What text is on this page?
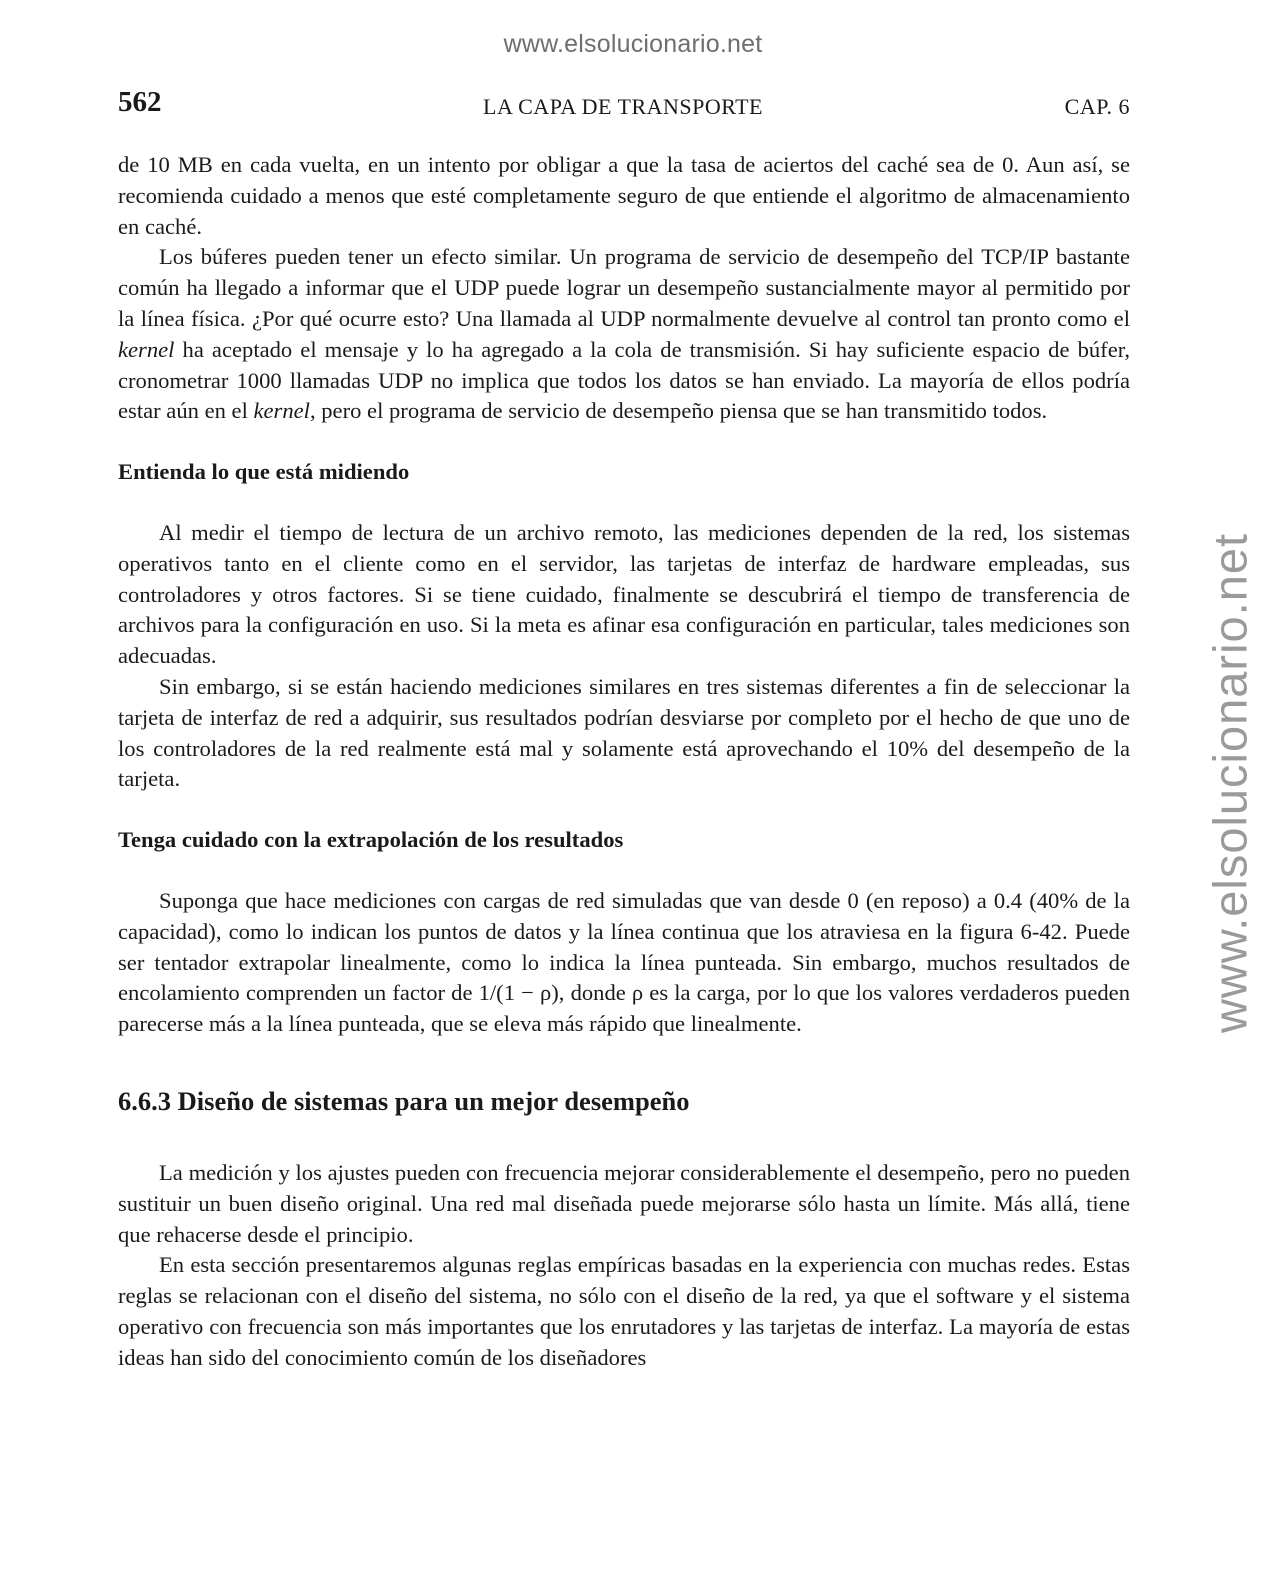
www.elsolucionario.net
www.elsolucionario.net
562	LA CAPA DE TRANSPORTE	CAP. 6

de 10 MB en cada vuelta, en un intento por obligar a que la tasa de aciertos del caché sea de 0. Aun así, se recomienda cuidado a menos que esté completamente seguro de que entiende el algoritmo de almacenamiento en caché.

Los búferes pueden tener un efecto similar. Un programa de servicio de desempeño del TCP/IP bastante común ha llegado a informar que el UDP puede lograr un desempeño sustancialmente mayor al permitido por la línea física. ¿Por qué ocurre esto? Una llamada al UDP normalmente devuelve al control tan pronto como el kernel ha aceptado el mensaje y lo ha agregado a la cola de transmisión. Si hay suficiente espacio de búfer, cronometrar 1000 llamadas UDP no implica que todos los datos se han enviado. La mayoría de ellos podría estar aún en el kernel, pero el programa de servicio de desempeño piensa que se han transmitido todos.

Entienda lo que está midiendo

Al medir el tiempo de lectura de un archivo remoto, las mediciones dependen de la red, los sistemas operativos tanto en el cliente como en el servidor, las tarjetas de interfaz de hardware empleadas, sus controladores y otros factores. Si se tiene cuidado, finalmente se descubrirá el tiempo de transferencia de archivos para la configuración en uso. Si la meta es afinar esa configuración en particular, tales mediciones son adecuadas.

Sin embargo, si se están haciendo mediciones similares en tres sistemas diferentes a fin de seleccionar la tarjeta de interfaz de red a adquirir, sus resultados podrían desviarse por completo por el hecho de que uno de los controladores de la red realmente está mal y solamente está aprovechando el 10% del desempeño de la tarjeta.

Tenga cuidado con la extrapolación de los resultados

Suponga que hace mediciones con cargas de red simuladas que van desde 0 (en reposo) a 0.4 (40% de la capacidad), como lo indican los puntos de datos y la línea continua que los atraviesa en la figura 6-42. Puede ser tentador extrapolar linealmente, como lo indica la línea punteada. Sin embargo, muchos resultados de encolamiento comprenden un factor de 1/(1 − ρ), donde ρ es la carga, por lo que los valores verdaderos pueden parecerse más a la línea punteada, que se eleva más rápido que linealmente.

6.6.3 Diseño de sistemas para un mejor desempeño

La medición y los ajustes pueden con frecuencia mejorar considerablemente el desempeño, pero no pueden sustituir un buen diseño original. Una red mal diseñada puede mejorarse sólo hasta un límite. Más allá, tiene que rehacerse desde el principio.

En esta sección presentaremos algunas reglas empíricas basadas en la experiencia con muchas redes. Estas reglas se relacionan con el diseño del sistema, no sólo con el diseño de la red, ya que el software y el sistema operativo con frecuencia son más importantes que los enrutadores y las tarjetas de interfaz. La mayoría de estas ideas han sido del conocimiento común de los diseñadores
